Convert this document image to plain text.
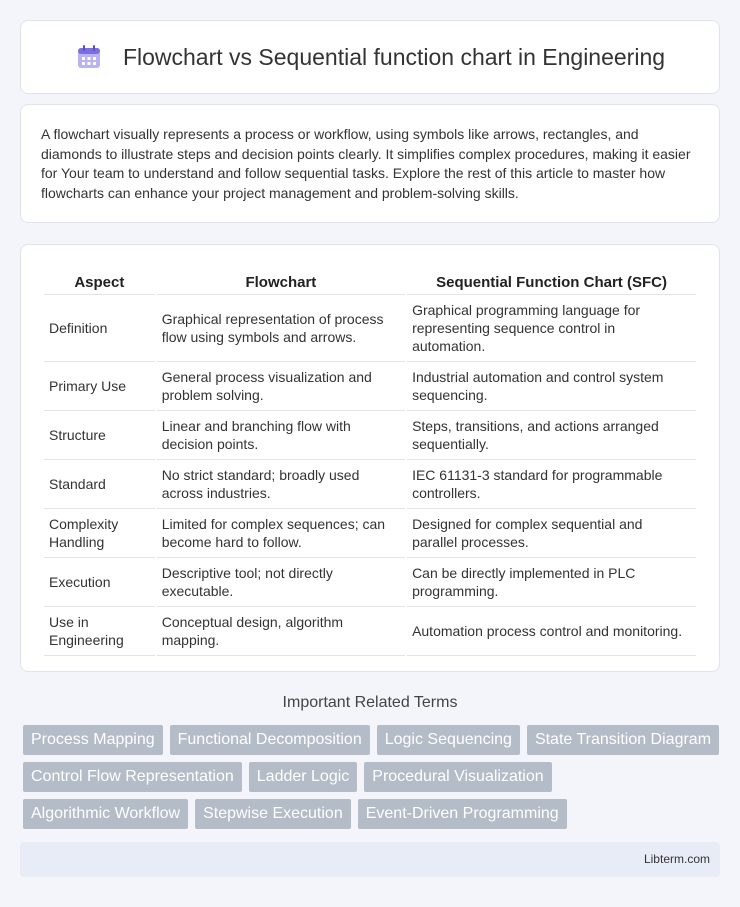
Flowchart vs Sequential function chart in Engineering

A flowchart visually represents a process or workflow, using symbols like arrows, rectangles, and diamonds to illustrate steps and decision points clearly. It simplifies complex procedures, making it easier for Your team to understand and follow sequential tasks. Explore the rest of this article to master how flowcharts can enhance your project management and problem-solving skills.

Aspect	Flowchart	Sequential Function Chart (SFC)
Definition	Graphical representation of process flow using symbols and arrows.	Graphical programming language for representing sequence control in automation.
Primary Use	General process visualization and problem solving.	Industrial automation and control system sequencing.
Structure	Linear and branching flow with decision points.	Steps, transitions, and actions arranged sequentially.
Standard	No strict standard; broadly used across industries.	IEC 61131-3 standard for programmable controllers.
Complexity Handling	Limited for complex sequences; can become hard to follow.	Designed for complex sequential and parallel processes.
Execution	Descriptive tool; not directly executable.	Can be directly implemented in PLC programming.
Use in Engineering	Conceptual design, algorithm mapping.	Automation process control and monitoring.
Important Related Terms
Process Mapping	Functional Decomposition	Logic Sequencing	State Transition Diagram
Control Flow Representation	Ladder Logic	Procedural Visualization
Algorithmic Workflow	Stepwise Execution	Event-Driven Programming
Libterm.com
